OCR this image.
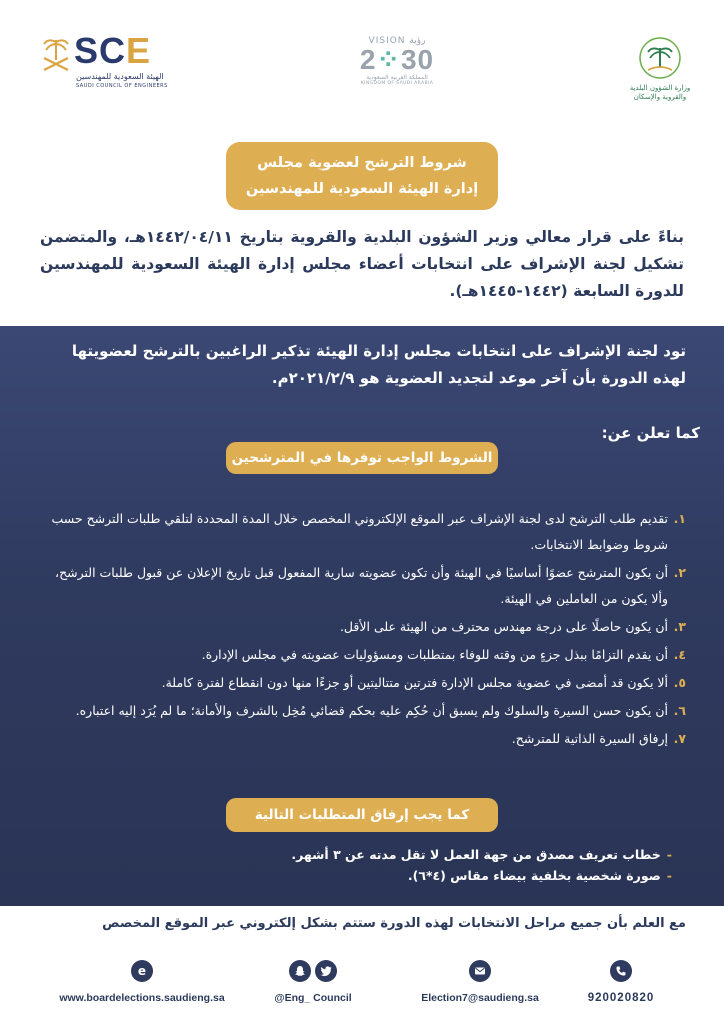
SCE
الهيئة السعودية للمهندسين
SAUDI COUNCIL OF ENGINEERS
VISION رؤية
2⁘30
المملكة العربية السعودية
KINGDOM OF SAUDI ARABIA
وزارة الشؤون البلدية
والقروية والإسكان
شروط الترشح لعضوية مجلس إدارة الهيئة السعودية للمهندسين

بناءً على قرار معالي وزير الشؤون البلدية والقروية بتاريخ ١٤٤٢/٠٤/١١هـ، والمتضمن تشكيل لجنة الإشراف على انتخابات أعضاء مجلس إدارة الهيئة السعودية للمهندسين للدورة السابعة (١٤٤٢-١٤٤٥هـ).

تود لجنة الإشراف على انتخابات مجلس إدارة الهيئة تذكير الراغبين بالترشح لعضويتها لهذه الدورة بأن آخر موعد لتجديد العضوية هو ٢٠٢١/٢/٩م.

كما تعلن عن:
الشروط الواجب توفرها في المترشحين
١.
تقديم طلب الترشح لدى لجنة الإشراف عبر الموقع الإلكتروني المخصص خلال المدة المحددة لتلقي طلبات الترشح حسب شروط وضوابط الانتخابات.
٢.
أن يكون المترشح عضوًا أساسيًا في الهيئة وأن تكون عضويته سارية المفعول قبل تاريخ الإعلان عن قبول طلبات الترشح، وألا يكون من العاملين في الهيئة.
٣.
أن يكون حاصلًا على درجة مهندس محترف من الهيئة على الأقل.
٤.
أن يقدم التزامًا ببذل جزءٍ من وقته للوفاء بمتطلبات ومسؤوليات عضويته في مجلس الإدارة.
٥.
ألا يكون قد أمضى في عضوية مجلس الإدارة فترتين متتاليتين أو جزءًا منها دون انقطاع لفترة كاملة.
٦.
أن يكون حسن السيرة والسلوك ولم يسبق أن حُكِم عليه بحكم قضائي مُخِل بالشرف والأمانة؛ ما لم يُرَد إليه اعتباره.
٧.
إرفاق السيرة الذاتية للمترشح.
كما يجب إرفاق المتطلبات التالية
-
خطاب تعريف مصدق من جهة العمل لا تقل مدته عن ٣ أشهر.
-
صورة شخصية بخلفية بيضاء مقاس (٤*٦).
مع العلم بأن جميع مراحل الانتخابات لهذه الدورة ستتم بشكل إلكتروني عبر الموقع المخصص
e
www.boardelections.saudieng.sa	@Eng_ Council	Election7@saudieng.sa	920020820
